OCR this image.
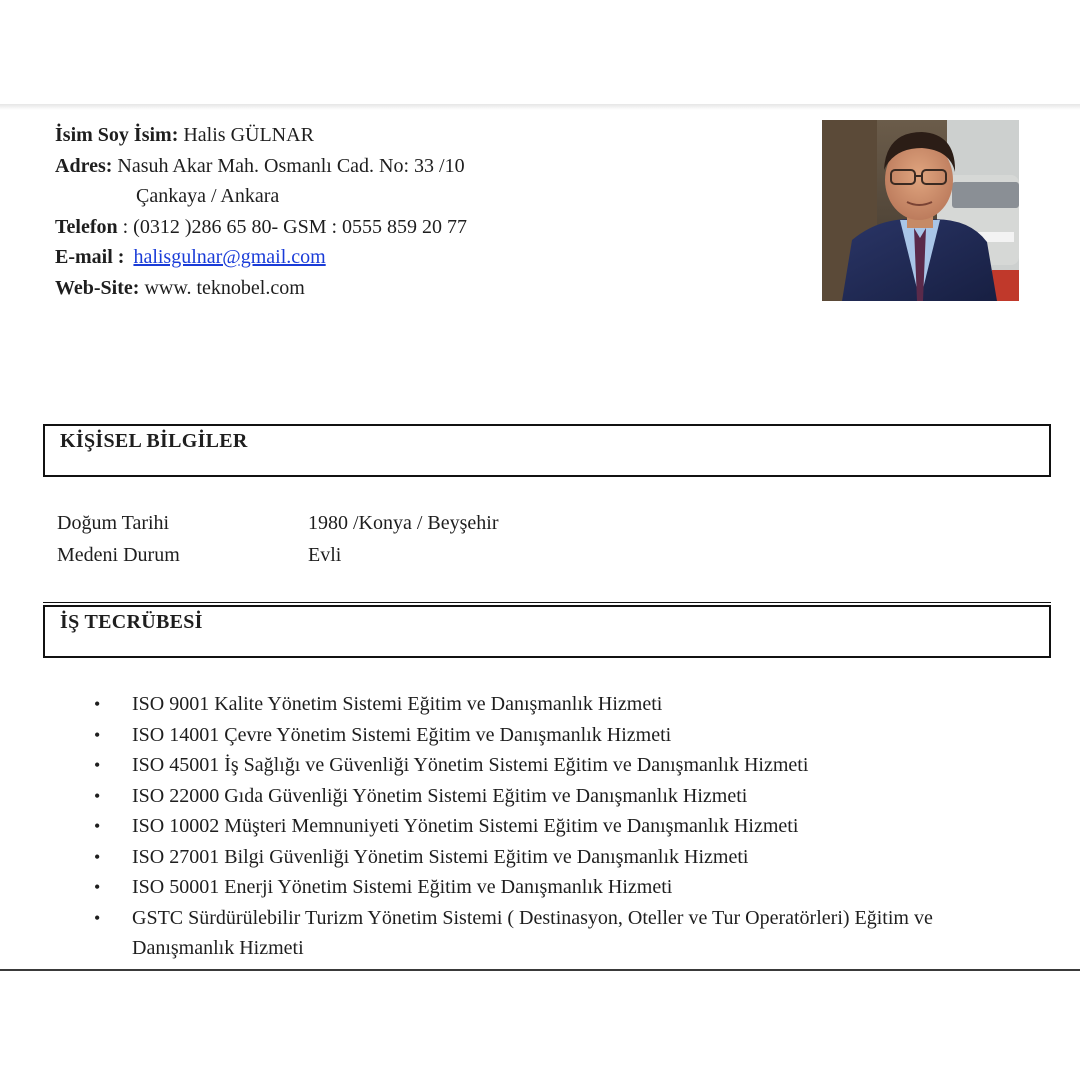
İsim Soy İsim: Halis GÜLNAR
Adres: Nasuh Akar Mah. Osmanlı Cad. No: 33 /10
Çankaya / Ankara
Telefon : (0312 )286 65 80- GSM : 0555 859 20 77
E-mail : halisgulnar@gmail.com
Web-Site: www. teknobel.com
KİŞİSEL BİLGİLER
Doğum Tarihi	1980 /Konya / Beyşehir
Medeni Durum	Evli
İŞ TECRÜBESİ
• ISO 9001 Kalite Yönetim Sistemi Eğitim ve Danışmanlık Hizmeti
• ISO 14001 Çevre Yönetim Sistemi Eğitim ve Danışmanlık Hizmeti
• ISO 45001 İş Sağlığı ve Güvenliği Yönetim Sistemi Eğitim ve Danışmanlık Hizmeti
• ISO 22000 Gıda Güvenliği Yönetim Sistemi Eğitim ve Danışmanlık Hizmeti
• ISO 10002 Müşteri Memnuniyeti Yönetim Sistemi Eğitim ve Danışmanlık Hizmeti
• ISO 27001 Bilgi Güvenliği Yönetim Sistemi Eğitim ve Danışmanlık Hizmeti
• ISO 50001 Enerji Yönetim Sistemi Eğitim ve Danışmanlık Hizmeti
• GSTC Sürdürülebilir Turizm Yönetim Sistemi ( Destinasyon, Oteller ve Tur Operatörleri) Eğitim ve Danışmanlık Hizmeti
